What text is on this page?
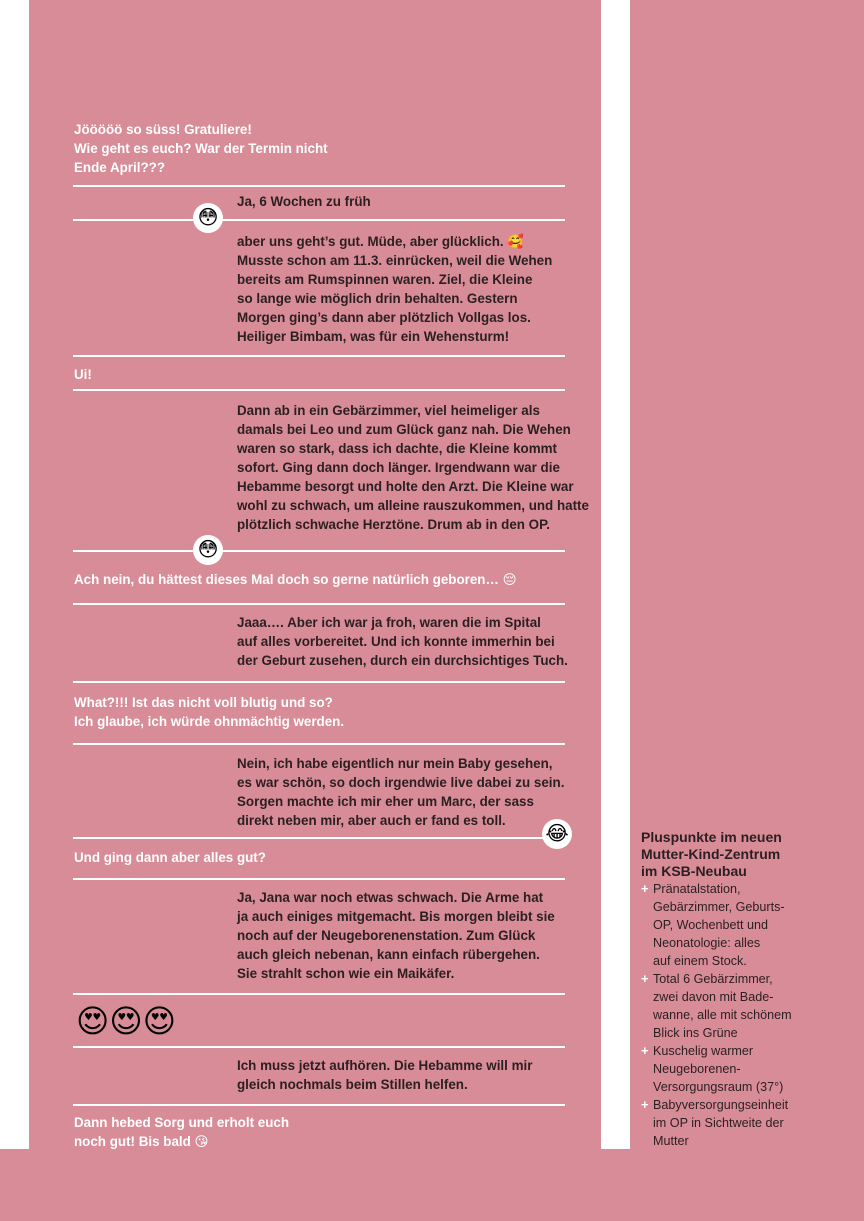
Jööööö so süss! Gratuliere!
Wie geht es euch? War der Termin nicht
Ende April???
Ja, 6 Wochen zu früh
😳
aber uns geht’s gut. Müde, aber glücklich. 🥰
Musste schon am 11.3. einrücken, weil die Wehen
bereits am Rumspinnen waren. Ziel, die Kleine
so lange wie möglich drin behalten. Gestern
Morgen ging’s dann aber plötzlich Vollgas los.
Heiliger Bimbam, was für ein Wehensturm!
Ui!
Dann ab in ein Gebärzimmer, viel heimeliger als
damals bei Leo und zum Glück ganz nah. Die Wehen
waren so stark, dass ich dachte, die Kleine kommt
sofort. Ging dann doch länger. Irgendwann war die
Hebamme besorgt und holte den Arzt. Die Kleine war
wohl zu schwach, um alleine rauszukommen, und hatte
plötzlich schwache Herztöne. Drum ab in den OP.
😳
Ach nein, du hättest dieses Mal doch so gerne natürlich geboren… 😔
Jaaa…. Aber ich war ja froh, waren die im Spital
auf alles vorbereitet. Und ich konnte immerhin bei
der Geburt zusehen, durch ein durchsichtiges Tuch.
What?!!! Ist das nicht voll blutig und so?
Ich glaube, ich würde ohnmächtig werden.
Nein, ich habe eigentlich nur mein Baby gesehen,
es war schön, so doch irgendwie live dabei zu sein.
Sorgen machte ich mir eher um Marc, der sass
direkt neben mir, aber auch er fand es toll.
😂
Und ging dann aber alles gut?
Ja, Jana war noch etwas schwach. Die Arme hat
ja auch einiges mitgemacht. Bis morgen bleibt sie
noch auf der Neugeborenenstation. Zum Glück
auch gleich nebenan, kann einfach rübergehen.
Sie strahlt schon wie ein Maikäfer.
😍😍😍
Ich muss jetzt aufhören. Die Hebamme will mir
gleich nochmals beim Stillen helfen.
Dann hebed Sorg und erholt euch
noch gut! Bis bald 😘
Pluspunkte im neuen
Mutter-Kind-Zentrum
im KSB-Neubau
+ Pränatalstation,
Gebärzimmer, Geburts-
OP, Wochenbett und
Neonatologie: alles
auf einem Stock.
+ Total 6 Gebärzimmer,
zwei davon mit Bade-
wanne, alle mit schönem
Blick ins Grüne
+ Kuschelig warmer
Neugeborenen-
Versorgungsraum (37°)
+ Babyversorgungseinheit
im OP in Sichtweite der
Mutter
